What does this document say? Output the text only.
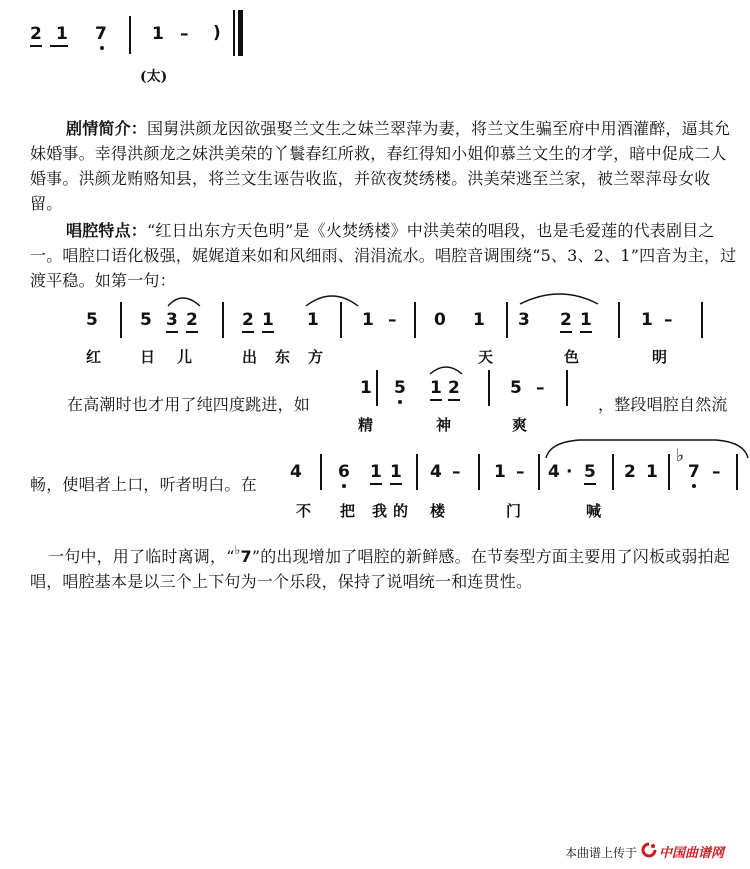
2 1 7	1 – )
(太)
剧情简介：国舅洪颜龙因欲强娶兰文生之妹兰翠萍为妻，将兰文生骗至府中用酒灌醉，逼其允妹婚事。幸得洪颜龙之妹洪美荣的丫鬟春红所救，春红得知小姐仰慕兰文生的才学，暗中促成二人婚事。洪颜龙贿赂知县，将兰文生诬告收监，并欲夜焚绣楼。洪美荣逃至兰家，被兰翠萍母女收留。
唱腔特点：“红日出东方天色明”是《火焚绣楼》中洪美荣的唱段，也是毛爱莲的代表剧目之一。唱腔口语化极强，娓娓道来如和风细雨、涓涓流水。唱腔音调围绕“5、3、2、1”四音为主，过渡平稳。如第一句：
5 5 3 2	2 1 1	1 – 0 1 3 2 1	1 –
红	日儿 出东方	天	色	明
在高潮时也才用了纯四度跳进，如
1 5 1 2	5 –
，整段唱腔自然流
精	神	爽
畅，使唱者上口，听者明白。在
4 6 1 1 4 – 1 – 4 · 5 2 1
♭
7 –
不 把 我的 楼	门	喊
一句中，用了临时离调，“♭7”的出现增加了唱腔的新鲜感。在节奏型方面主要用了闪板或弱拍起唱，唱腔基本是以三个上下句为一个乐段，保持了说唱统一和连贯性。
本曲谱上传于 中国曲谱网
